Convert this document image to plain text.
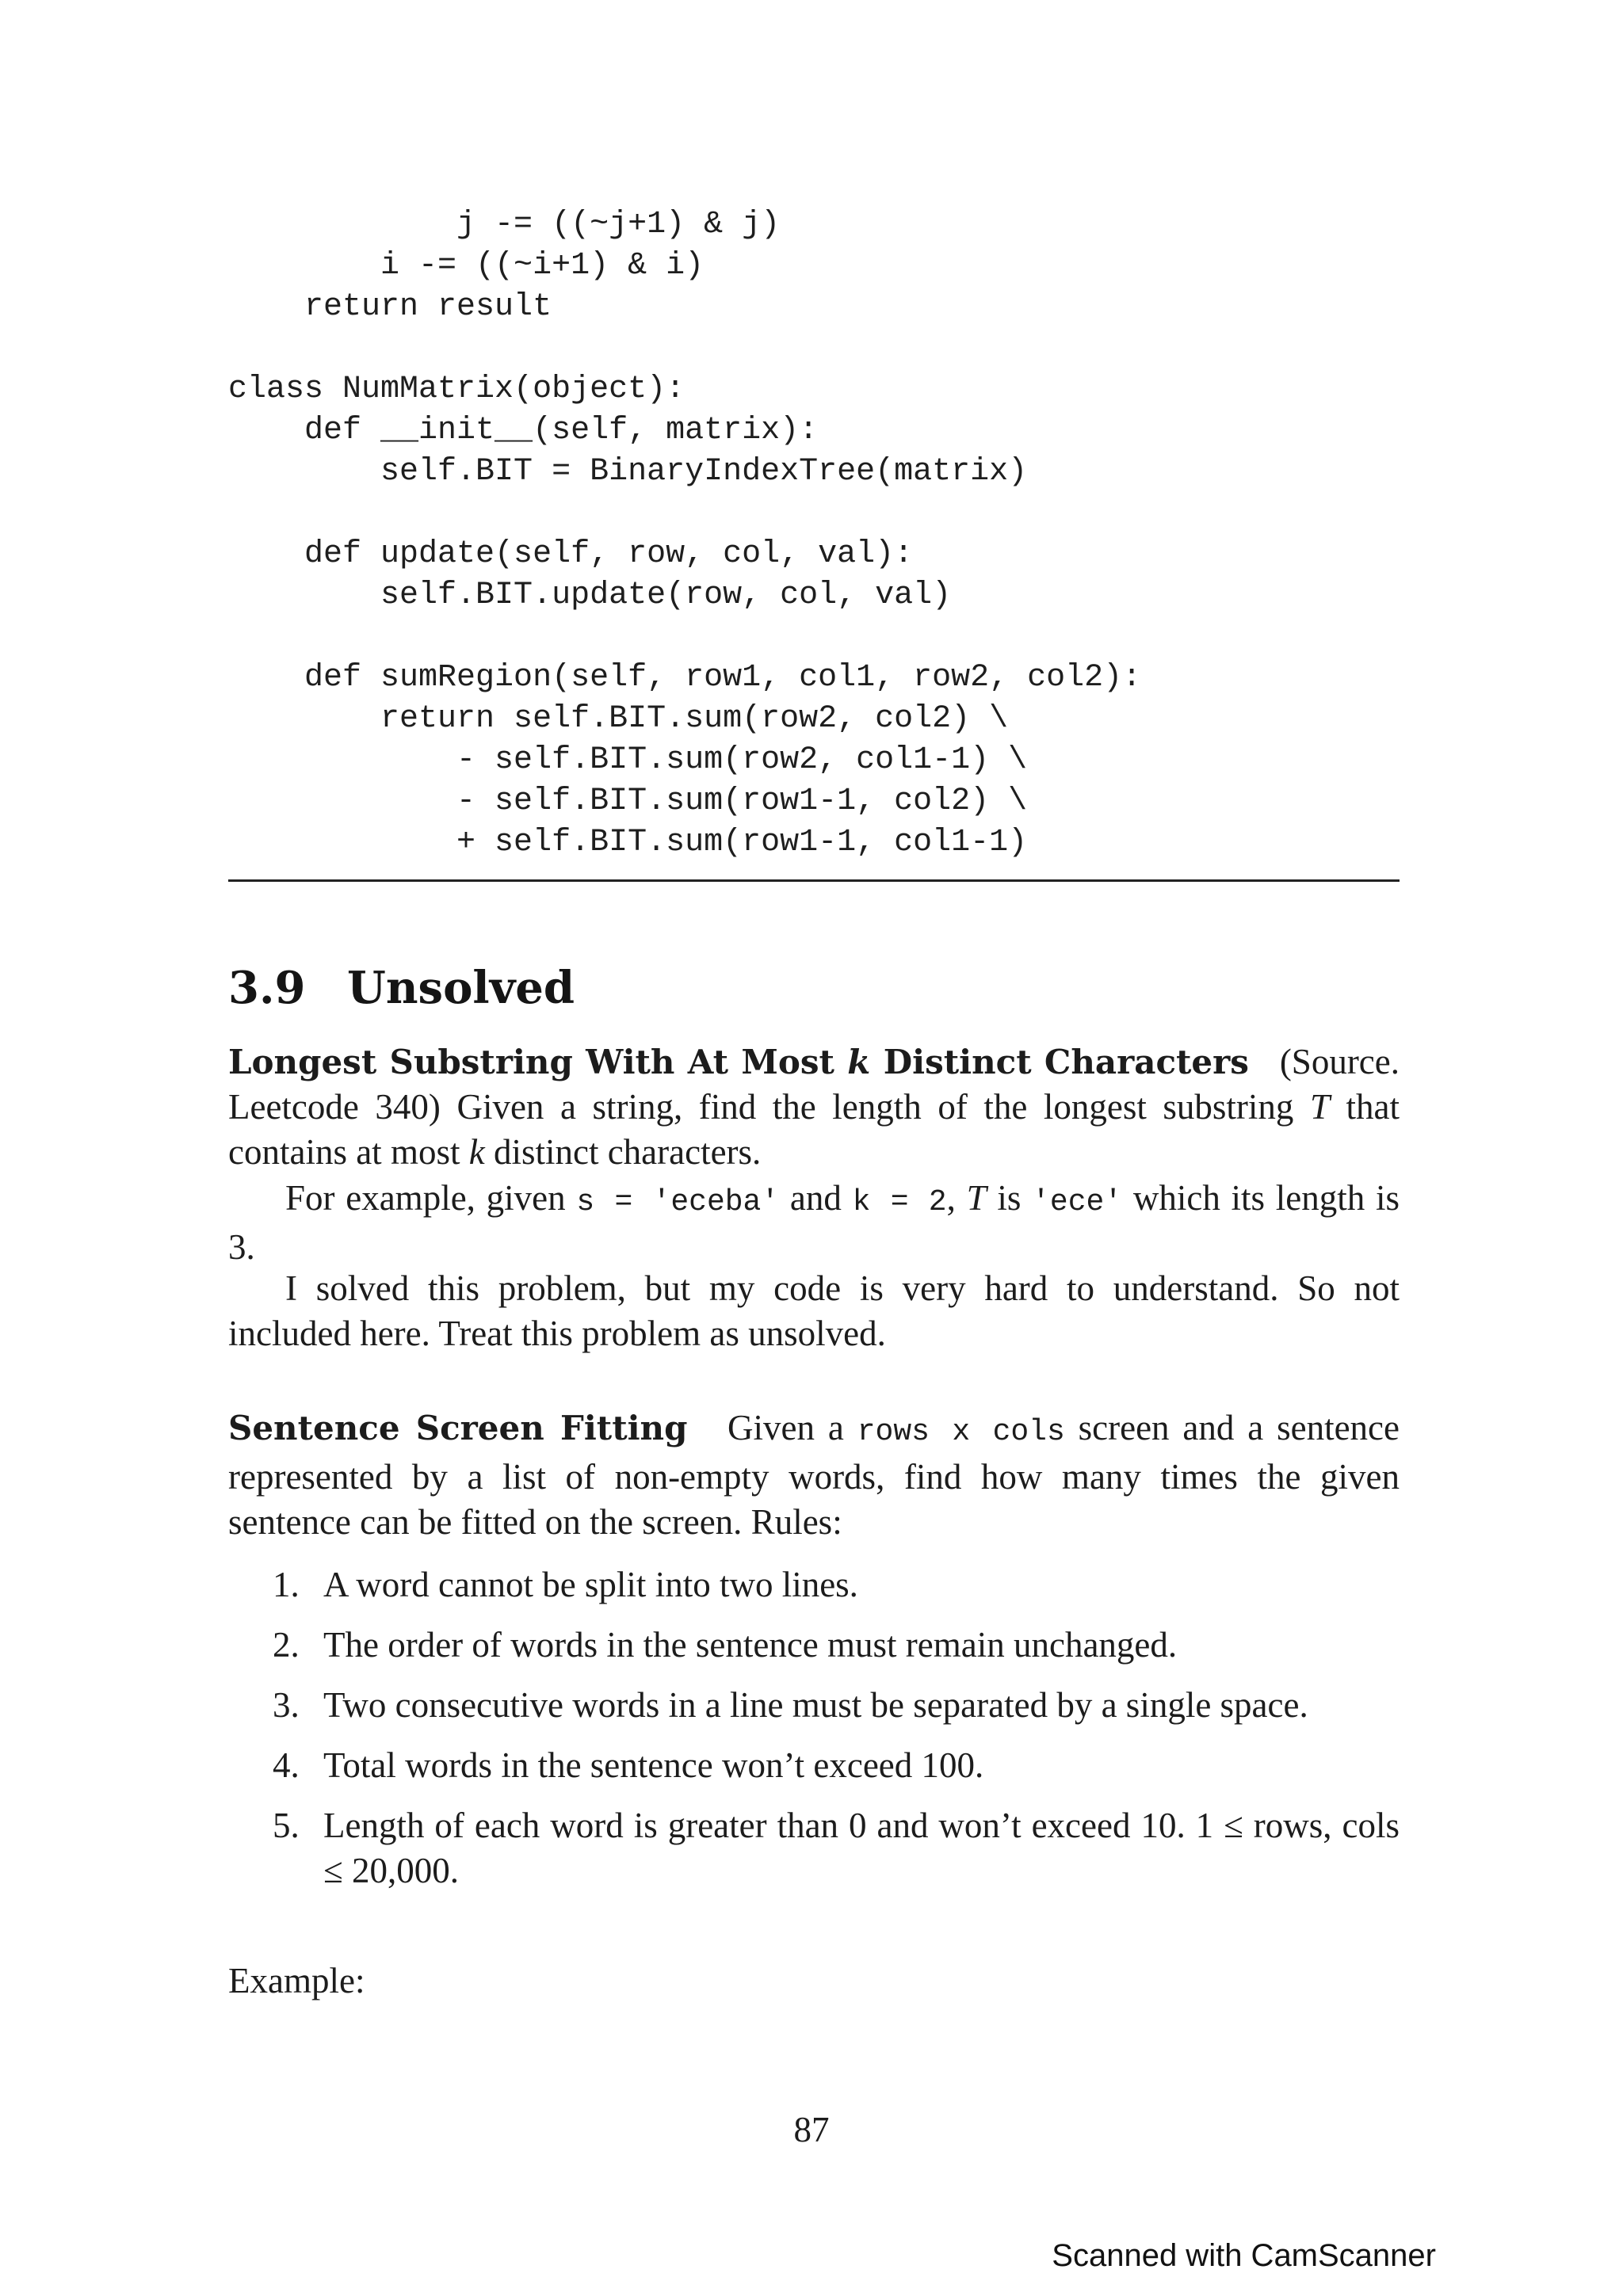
j -= ((~j+1) & j)
i -= ((~i+1) & i)
return result
class NumMatrix(object):
def __init__(self, matrix):
self.BIT = BinaryIndexTree(matrix)
def update(self, row, col, val):
self.BIT.update(row, col, val)
def sumRegion(self, row1, col1, row2, col2):
return self.BIT.sum(row2, col2) \
- self.BIT.sum(row2, col1-1) \
- self.BIT.sum(row1-1, col2) \
+ self.BIT.sum(row1-1, col1-1)
3.9 Unsolved

Longest Substring With At Most k Distinct Characters (Source. Leetcode 340) Given a string, find the length of the longest substring T that contains at most k distinct characters.

For example, given s = 'eceba' and k = 2, T is 'ece' which its length is 3.

I solved this problem, but my code is very hard to understand. So not included here. Treat this problem as unsolved.

Sentence Screen Fitting Given a rows x cols screen and a sentence represented by a list of non-empty words, find how many times the given sentence can be fitted on the screen. Rules:

1. A word cannot be split into two lines.
2. The order of words in the sentence must remain unchanged.
3. Two consecutive words in a line must be separated by a single space.
4. Total words in the sentence won’t exceed 100.
5. Length of each word is greater than 0 and won’t exceed 10. 1 ≤ rows, cols ≤ 20,000.
Example:
87
Scanned with CamScanner
